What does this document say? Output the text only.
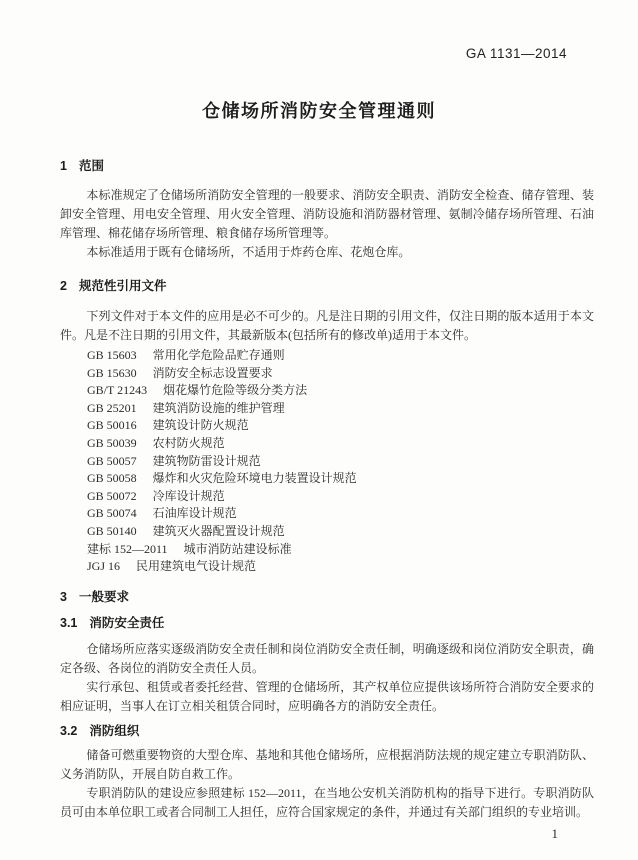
GA 1131—2014
仓储场所消防安全管理通则
1 范围

本标准规定了仓储场所消防安全管理的一般要求、消防安全职责、消防安全检查、储存管理、装卸安全管理、用电安全管理、用火安全管理、消防设施和消防器材管理、氨制冷储存场所管理、石油库管理、棉花储存场所管理、粮食储存场所管理等。

本标准适用于既有仓储场所，不适用于炸药仓库、花炮仓库。

2 规范性引用文件

下列文件对于本文件的应用是必不可少的。凡是注日期的引用文件，仅注日期的版本适用于本文件。凡是不注日期的引用文件，其最新版本(包括所有的修改单)适用于本文件。

GB 15603 常用化学危险品贮存通则
GB 15630 消防安全标志设置要求
GB/T 21243 烟花爆竹危险等级分类方法
GB 25201 建筑消防设施的维护管理
GB 50016 建筑设计防火规范
GB 50039 农村防火规范
GB 50057 建筑物防雷设计规范
GB 50058 爆炸和火灾危险环境电力装置设计规范
GB 50072 冷库设计规范
GB 50074 石油库设计规范
GB 50140 建筑灭火器配置设计规范
建标 152—2011 城市消防站建设标准
JGJ 16 民用建筑电气设计规范
3 一般要求
3.1 消防安全责任

仓储场所应落实逐级消防安全责任制和岗位消防安全责任制，明确逐级和岗位消防安全职责，确定各级、各岗位的消防安全责任人员。

实行承包、租赁或者委托经营、管理的仓储场所，其产权单位应提供该场所符合消防安全要求的相应证明，当事人在订立相关租赁合同时，应明确各方的消防安全责任。

3.2 消防组织

储备可燃重要物资的大型仓库、基地和其他仓储场所，应根据消防法规的规定建立专职消防队、义务消防队，开展自防自救工作。

专职消防队的建设应参照建标 152—2011，在当地公安机关消防机构的指导下进行。专职消防队员可由本单位职工或者合同制工人担任，应符合国家规定的条件，并通过有关部门组织的专业培训。

1
